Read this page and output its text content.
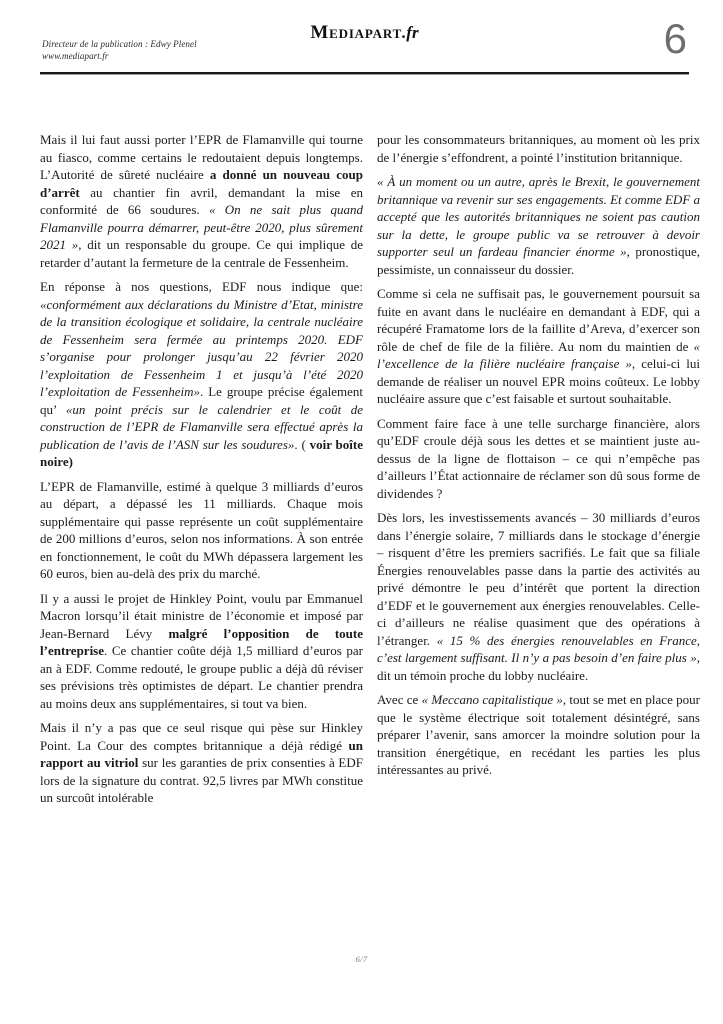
Directeur de la publication : Edwy Plenel
www.mediapart.fr
Mediapart.fr	6

Mais il lui faut aussi porter l’EPR de Flamanville qui tourne au fiasco, comme certains le redoutaient depuis longtemps. L’Autorité de sûreté nucléaire a donné un nouveau coup d’arrêt au chantier fin avril, demandant la mise en conformité de 66 soudures. « On ne sait plus quand Flamanville pourra démarrer, peut-être 2020, plus sûrement 2021 », dit un responsable du groupe. Ce qui implique de retarder d’autant la fermeture de la centrale de Fessenheim.

En réponse à nos questions, EDF nous indique que: «conformément aux déclarations du Ministre d’Etat, ministre de la transition écologique et solidaire, la centrale nucléaire de Fessenheim sera fermée au printemps 2020. EDF s’organise pour prolonger jusqu’au 22 février 2020 l’exploitation de Fessenheim 1 et jusqu’à l’été 2020 l’exploitation de Fessenheim». Le groupe précise également qu’ «un point précis sur le calendrier et le coût de construction de l’EPR de Flamanville sera effectué après la publication de l’avis de l’ASN sur les soudures». ( voir boîte noire)

L’EPR de Flamanville, estimé à quelque 3 milliards d’euros au départ, a dépassé les 11 milliards. Chaque mois supplémentaire qui passe représente un coût supplémentaire de 200 millions d’euros, selon nos informations. À son entrée en fonctionnement, le coût du MWh dépassera largement les 60 euros, bien au-delà des prix du marché.

Il y a aussi le projet de Hinkley Point, voulu par Emmanuel Macron lorsqu’il était ministre de l’économie et imposé par Jean-Bernard Lévy malgré l’opposition de toute l’entreprise. Ce chantier coûte déjà 1,5 milliard d’euros par an à EDF. Comme redouté, le groupe public a déjà dû réviser ses prévisions très optimistes de départ. Le chantier prendra au moins deux ans supplémentaires, si tout va bien.

Mais il n’y a pas que ce seul risque qui pèse sur Hinkley Point. La Cour des comptes britannique a déjà rédigé un rapport au vitriol sur les garanties de prix consenties à EDF lors de la signature du contrat. 92,5 livres par MWh constitue un surcoût intolérable

pour les consommateurs britanniques, au moment où les prix de l’énergie s’effondrent, a pointé l’institution britannique.

« À un moment ou un autre, après le Brexit, le gouvernement britannique va revenir sur ses engagements. Et comme EDF a accepté que les autorités britanniques ne soient pas caution sur la dette, le groupe public va se retrouver à devoir supporter seul un fardeau financier énorme », pronostique, pessimiste, un connaisseur du dossier.

Comme si cela ne suffisait pas, le gouvernement poursuit sa fuite en avant dans le nucléaire en demandant à EDF, qui a récupéré Framatome lors de la faillite d’Areva, d’exercer son rôle de chef de file de la filière. Au nom du maintien de « l’excellence de la filière nucléaire française », celui-ci lui demande de réaliser un nouvel EPR moins coûteux. Le lobby nucléaire assure que c’est faisable et surtout souhaitable.

Comment faire face à une telle surcharge financière, alors qu’EDF croule déjà sous les dettes et se maintient juste au-dessus de la ligne de flottaison – ce qui n’empêche pas d’ailleurs l’État actionnaire de réclamer son dû sous forme de dividendes ?

Dès lors, les investissements avancés – 30 milliards d’euros dans l’énergie solaire, 7 milliards dans le stockage d’énergie – risquent d’être les premiers sacrifiés. Le fait que sa filiale Énergies renouvelables passe dans la partie des activités au privé démontre le peu d’intérêt que portent la direction d’EDF et le gouvernement aux énergies renouvelables. Celle-ci d’ailleurs ne réalise quasiment que des opérations à l’étranger. « 15 % des énergies renouvelables en France, c’est largement suffisant. Il n’y a pas besoin d’en faire plus », dit un témoin proche du lobby nucléaire.

Avec ce « Meccano capitalistique », tout se met en place pour que le système électrique soit totalement désintégré, sans préparer l’avenir, sans amorcer la moindre solution pour la transition énergétique, en recédant les parties les plus intéressantes au privé.

6/7
